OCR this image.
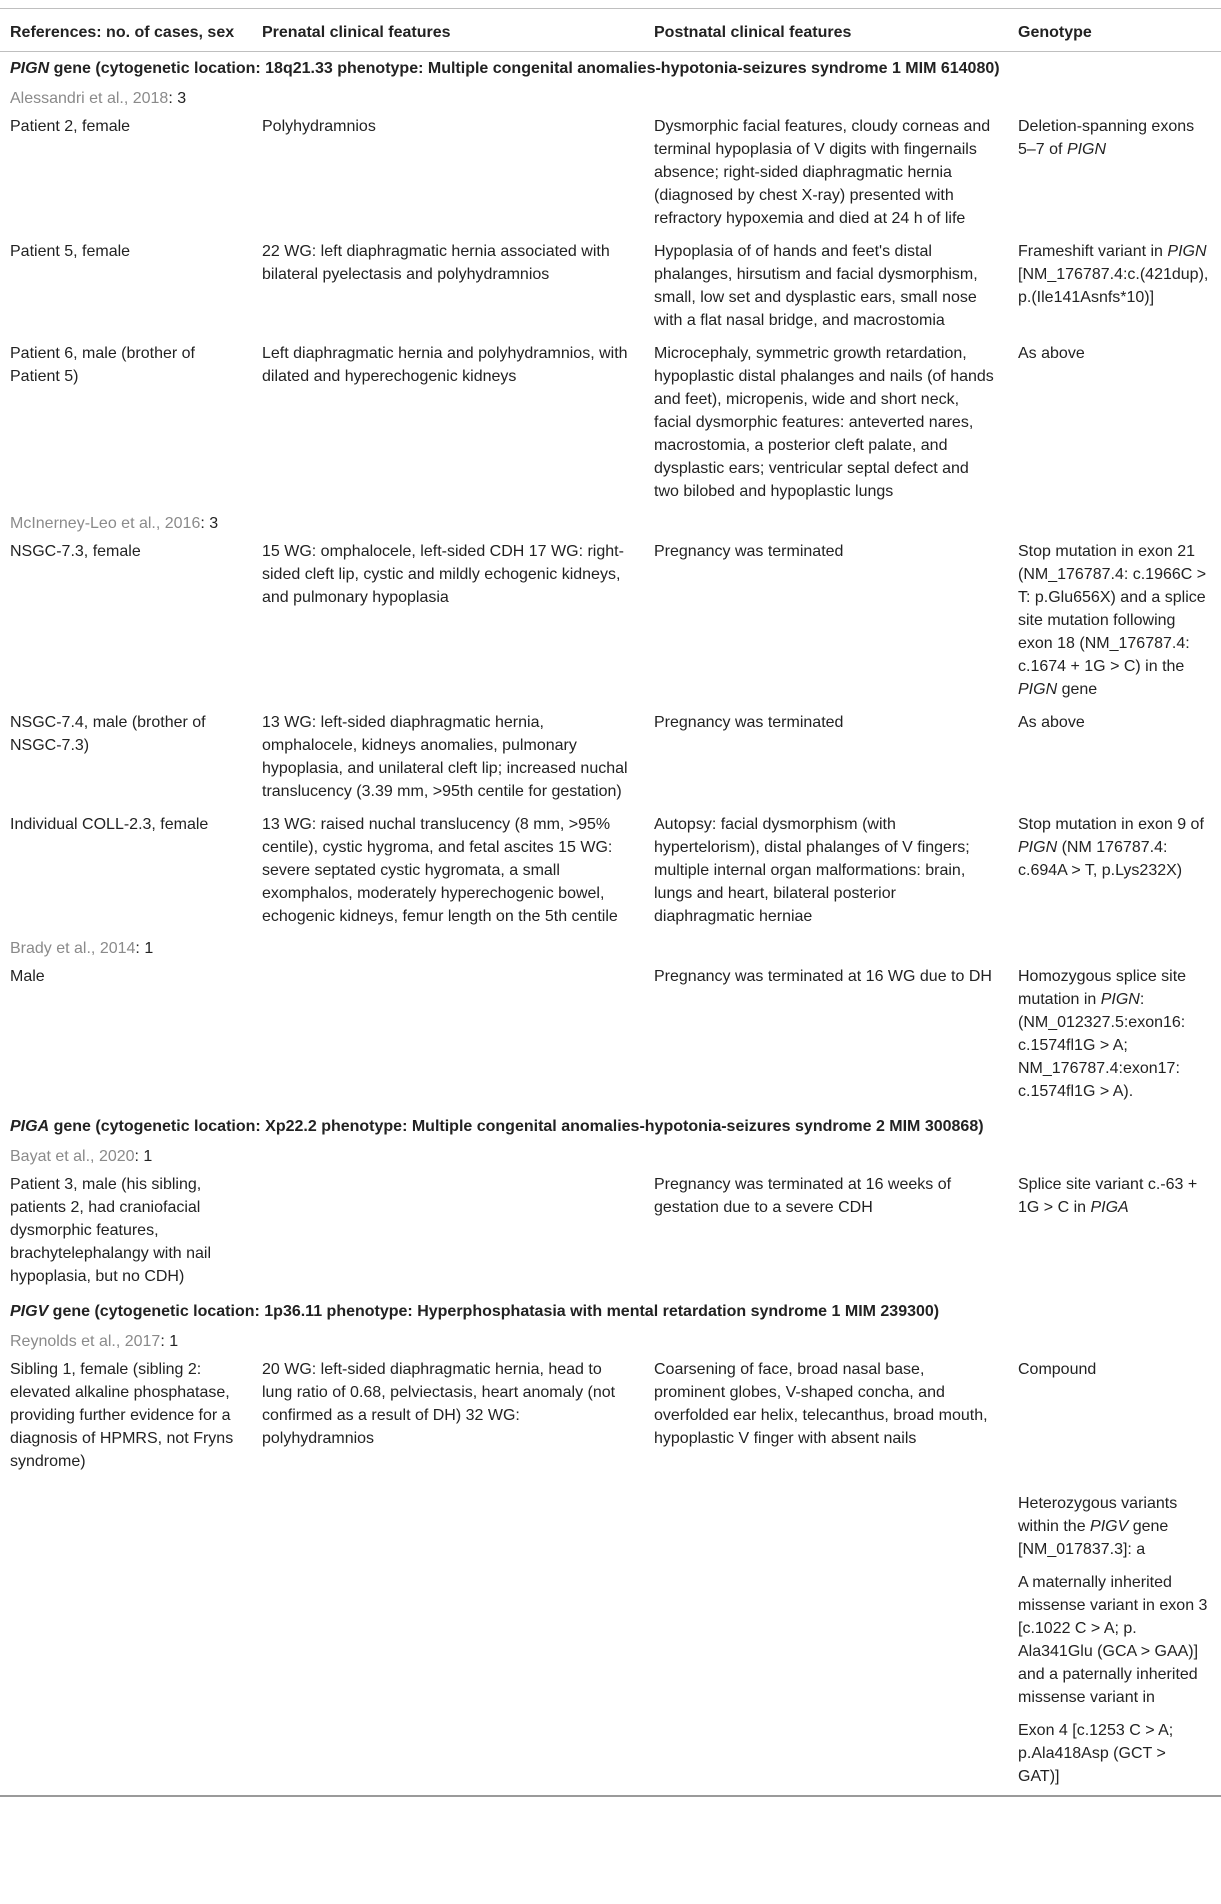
References: no. of cases, sex	Prenatal clinical features	Postnatal clinical features	Genotype
PIGN gene (cytogenetic location: 18q21.33 phenotype: Multiple congenital anomalies-hypotonia-seizures syndrome 1 MIM 614080)			
Alessandri et al., 2018: 3			
Patient 2, female	Polyhydramnios	Dysmorphic facial features, cloudy corneas and terminal hypoplasia of V digits with fingernails absence; right-sided diaphragmatic hernia (diagnosed by chest X-ray) presented with refractory hypoxemia and died at 24 h of life	Deletion-spanning exons 5–7 of PIGN
Patient 5, female	22 WG: left diaphragmatic hernia associated with bilateral pyelectasis and polyhydramnios	Hypoplasia of of hands and feet's distal phalanges, hirsutism and facial dysmorphism, small, low set and dysplastic ears, small nose with a flat nasal bridge, and macrostomia	Frameshift variant in PIGN [NM_176787.4:c.(421dup), p.(Ile141Asnfs*10)]
Patient 6, male (brother of Patient 5)	Left diaphragmatic hernia and polyhydramnios, with dilated and hyperechogenic kidneys	Microcephaly, symmetric growth retardation, hypoplastic distal phalanges and nails (of hands and feet), micropenis, wide and short neck, facial dysmorphic features: anteverted nares, macrostomia, a posterior cleft palate, and dysplastic ears; ventricular septal defect and two bilobed and hypoplastic lungs	As above
McInerney-Leo et al., 2016: 3			
NSGC-7.3, female	15 WG: omphalocele, left-sided CDH 17 WG: right-sided cleft lip, cystic and mildly echogenic kidneys, and pulmonary hypoplasia	Pregnancy was terminated	Stop mutation in exon 21 (NM_176787.4: c.1966C > T: p.Glu656X) and a splice site mutation following exon 18 (NM_176787.4: c.1674 + 1G > C) in the PIGN gene
NSGC-7.4, male (brother of NSGC-7.3)	13 WG: left-sided diaphragmatic hernia, omphalocele, kidneys anomalies, pulmonary hypoplasia, and unilateral cleft lip; increased nuchal translucency (3.39 mm, >95th centile for gestation)	Pregnancy was terminated	As above
Individual COLL-2.3, female	13 WG: raised nuchal translucency (8 mm, >95% centile), cystic hygroma, and fetal ascites 15 WG: severe septated cystic hygromata, a small exomphalos, moderately hyperechogenic bowel, echogenic kidneys, femur length on the 5th centile	Autopsy: facial dysmorphism (with hypertelorism), distal phalanges of V fingers; multiple internal organ malformations: brain, lungs and heart, bilateral posterior diaphragmatic herniae	Stop mutation in exon 9 of PIGN (NM 176787.4: c.694A > T, p.Lys232X)
Brady et al., 2014: 1			
Male		Pregnancy was terminated at 16 WG due to DH	Homozygous splice site mutation in PIGN: (NM_012327.5:exon16: c.1574fl1G > A; NM_176787.4:exon17: c.1574fl1G > A).
PIGA gene (cytogenetic location: Xp22.2 phenotype: Multiple congenital anomalies-hypotonia-seizures syndrome 2 MIM 300868)			
Bayat et al., 2020: 1			
Patient 3, male (his sibling, patients 2, had craniofacial dysmorphic features, brachytelephalangy with nail hypoplasia, but no CDH)		Pregnancy was terminated at 16 weeks of gestation due to a severe CDH	Splice site variant c.-63 + 1G > C in PIGA
PIGV gene (cytogenetic location: 1p36.11 phenotype: Hyperphosphatasia with mental retardation syndrome 1 MIM 239300)			
Reynolds et al., 2017: 1			
Sibling 1, female (sibling 2: elevated alkaline phosphatase, providing further evidence for a diagnosis of HPMRS, not Fryns syndrome)	20 WG: left-sided diaphragmatic hernia, head to lung ratio of 0.68, pelviectasis, heart anomaly (not confirmed as a result of DH) 32 WG: polyhydramnios	Coarsening of face, broad nasal base, prominent globes, V-shaped concha, and overfolded ear helix, telecanthus, broad mouth, hypoplastic V finger with absent nails	Compound
			Heterozygous variants within the PIGV gene [NM_017837.3]: a
			A maternally inherited missense variant in exon 3 [c.1022 C > A; p. Ala341Glu (GCA > GAA)] and a paternally inherited missense variant in
			Exon 4 [c.1253 C > A; p.Ala418Asp (GCT > GAT)]
